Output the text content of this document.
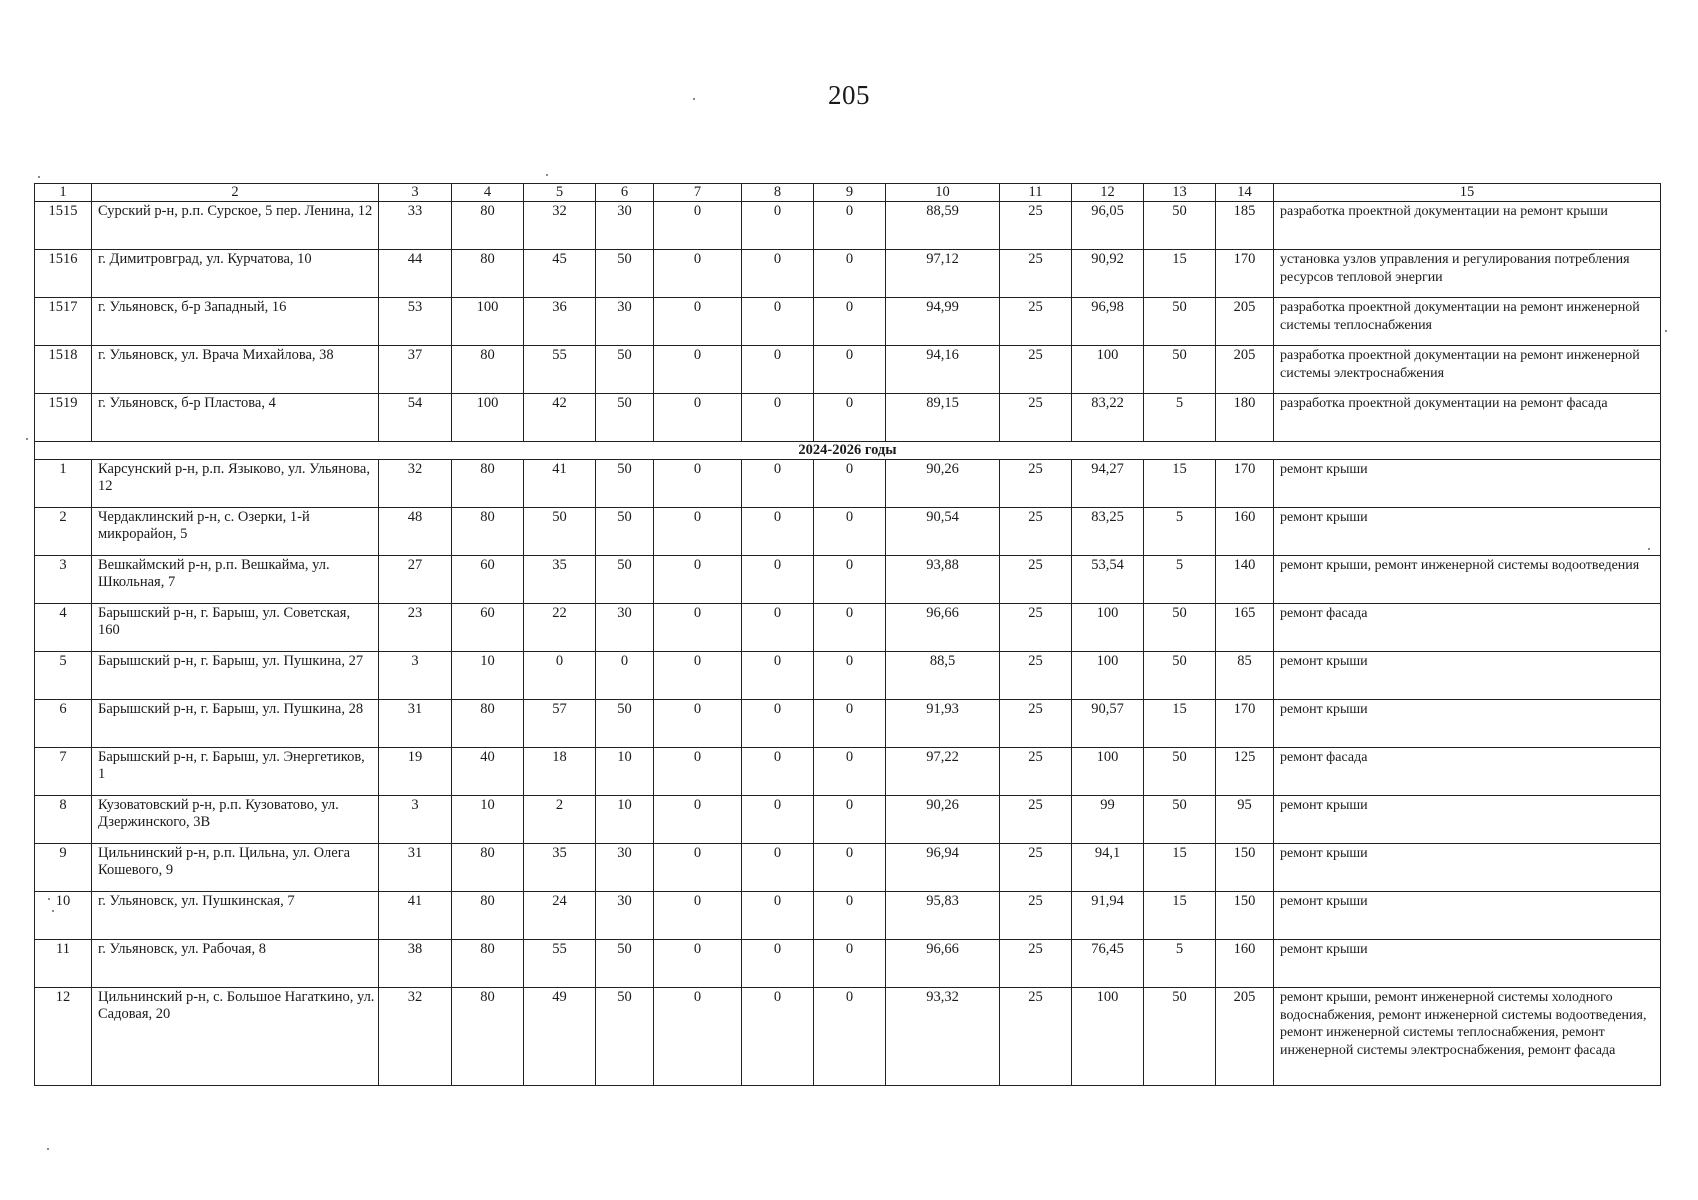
205
1	2	3	4	5	6	7	8	9	10	11	12	13	14	15
1515	Сурский р-н, р.п. Сурское, 5 пер. Ленина, 12	33	80	32	30	0	0	0	88,59	25	96,05	50	185	разработка проектной документации на ремонт крыши
1516	г. Димитровград, ул. Курчатова, 10	44	80	45	50	0	0	0	97,12	25	90,92	15	170	установка узлов управления и регулирования потребления ресурсов тепловой энергии
1517	г. Ульяновск, б-р Западный, 16	53	100	36	30	0	0	0	94,99	25	96,98	50	205	разработка проектной документации на ремонт инженерной системы теплоснабжения
1518	г. Ульяновск, ул. Врача Михайлова, 38	37	80	55	50	0	0	0	94,16	25	100	50	205	разработка проектной документации на ремонт инженерной системы электроснабжения
1519	г. Ульяновск, б-р Пластова, 4	54	100	42	50	0	0	0	89,15	25	83,22	5	180	разработка проектной документации на ремонт фасада
2024-2026 годы														
1	Карсунский р-н, р.п. Языково, ул. Ульянова, 12	32	80	41	50	0	0	0	90,26	25	94,27	15	170	ремонт крыши
2	Чердаклинский р-н, с. Озерки, 1-й микрорайон, 5	48	80	50	50	0	0	0	90,54	25	83,25	5	160	ремонт крыши
3	Вешкаймский р-н, р.п. Вешкайма, ул. Школьная, 7	27	60	35	50	0	0	0	93,88	25	53,54	5	140	ремонт крыши, ремонт инженерной системы водоотведения
4	Барышский р-н, г. Барыш, ул. Советская, 160	23	60	22	30	0	0	0	96,66	25	100	50	165	ремонт фасада
5	Барышский р-н, г. Барыш, ул. Пушкина, 27	3	10	0	0	0	0	0	88,5	25	100	50	85	ремонт крыши
6	Барышский р-н, г. Барыш, ул. Пушкина, 28	31	80	57	50	0	0	0	91,93	25	90,57	15	170	ремонт крыши
7	Барышский р-н, г. Барыш, ул. Энергетиков, 1	19	40	18	10	0	0	0	97,22	25	100	50	125	ремонт фасада
8	Кузоватовский р-н, р.п. Кузоватово, ул. Дзержинского, 3В	3	10	2	10	0	0	0	90,26	25	99	50	95	ремонт крыши
9	Цильнинский р-н, р.п. Цильна, ул. Олега Кошевого, 9	31	80	35	30	0	0	0	96,94	25	94,1	15	150	ремонт крыши
10	г. Ульяновск, ул. Пушкинская, 7	41	80	24	30	0	0	0	95,83	25	91,94	15	150	ремонт крыши
11	г. Ульяновск, ул. Рабочая, 8	38	80	55	50	0	0	0	96,66	25	76,45	5	160	ремонт крыши
12	Цильнинский р-н, с. Большое Нагаткино, ул. Садовая, 20	32	80	49	50	0	0	0	93,32	25	100	50	205	ремонт крыши, ремонт инженерной системы холодного водоснабжения, ремонт инженерной системы водоотведения, ремонт инженерной системы теплоснабжения, ремонт инженерной системы электроснабжения, ремонт фасада
